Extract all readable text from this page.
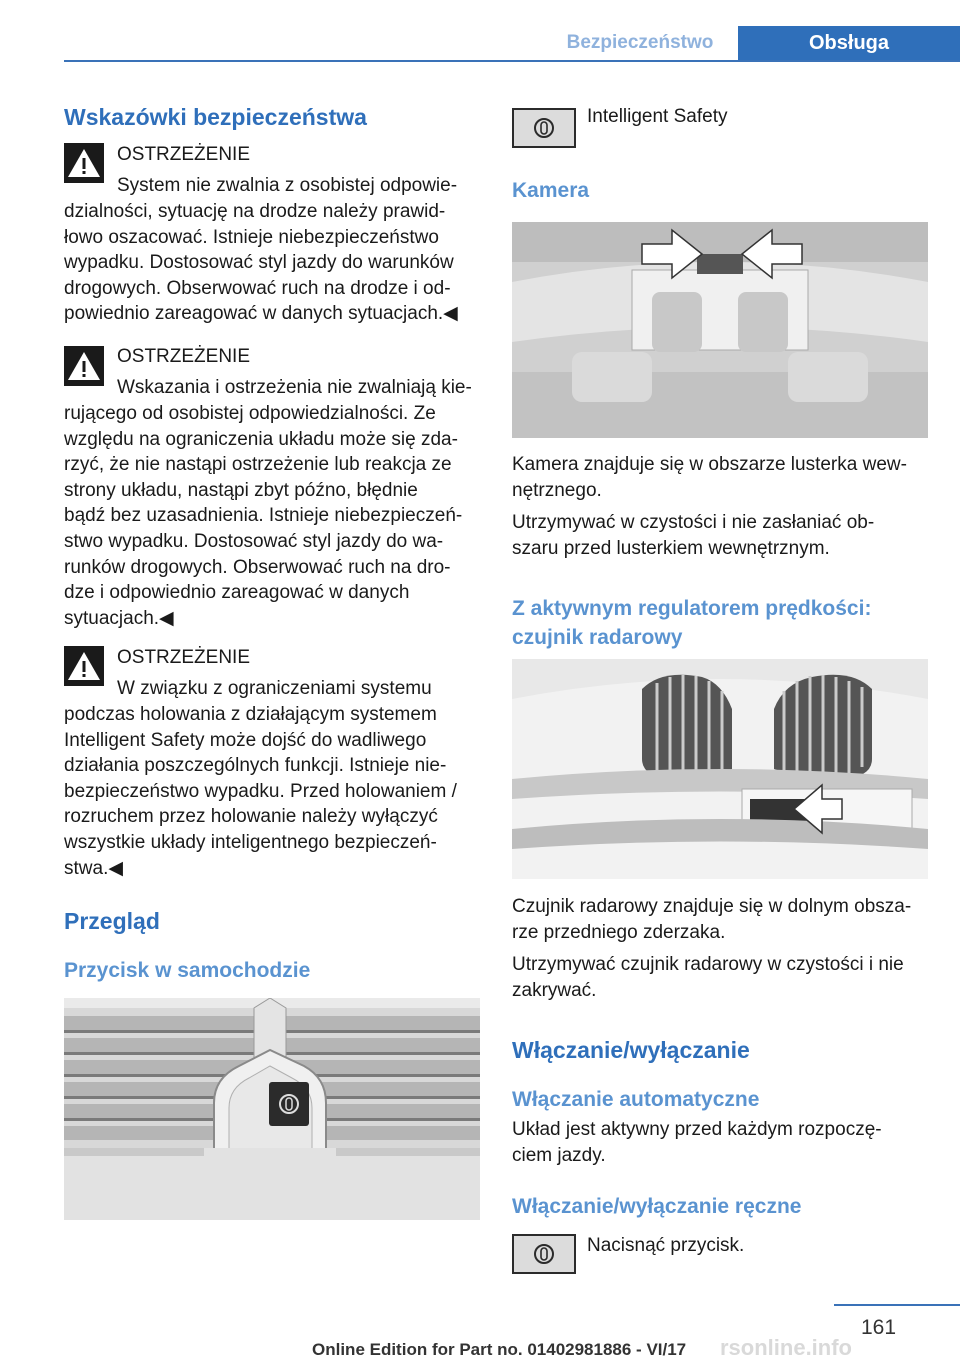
Bezpieczeństwo	Obsługa
Wskazówki bezpieczeństwa
OSTRZEŻENIE
System nie zwalnia z osobistej odpowie‐
dzialności, sytuację na drodze należy prawid‐
łowo oszacować. Istnieje niebezpieczeństwo
wypadku. Dostosować styl jazdy do warunków
drogowych. Obserwować ruch na drodze i od‐
powiednio zareagować w danych sytuacjach.◀
OSTRZEŻENIE
Wskazania i ostrzeżenia nie zwalniają kie‐
rującego od osobistej odpowiedzialności. Ze
względu na ograniczenia układu może się zda‐
rzyć, że nie nastąpi ostrzeżenie lub reakcja ze
strony układu, nastąpi zbyt późno, błędnie
bądź bez uzasadnienia. Istnieje niebezpieczeń‐
stwo wypadku. Dostosować styl jazdy do wa‐
runków drogowych. Obserwować ruch na dro‐
dze i odpowiednio zareagować w danych
sytuacjach.◀
OSTRZEŻENIE
W związku z ograniczeniami systemu
podczas holowania z działającym systemem
Intelligent Safety może dojść do wadliwego
działania poszczególnych funkcji. Istnieje nie‐
bezpieczeństwo wypadku. Przed holowaniem /
rozruchem przez holowanie należy wyłączyć
wszystkie układy inteligentnego bezpieczeń‐
stwa.◀
Przegląd
Przycisk w samochodzie
Intelligent Safety
Kamera
Kamera znajduje się w obszarze lusterka wew‐
nętrznego.
Utrzymywać w czystości i nie zasłaniać ob‐
szaru przed lusterkiem wewnętrznym.
Z aktywnym regulatorem prędkości:
czujnik radarowy
Czujnik radarowy znajduje się w dolnym obsza‐
rze przedniego zderzaka.
Utrzymywać czujnik radarowy w czystości i nie
zakrywać.
Włączanie/wyłączanie
Włączanie automatyczne
Układ jest aktywny przed każdym rozpoczę‐
ciem jazdy.
Włączanie/wyłączanie ręczne
Nacisnąć przycisk.
161
Online Edition for Part no. 01402981886 - VI/17 rsonline.info
